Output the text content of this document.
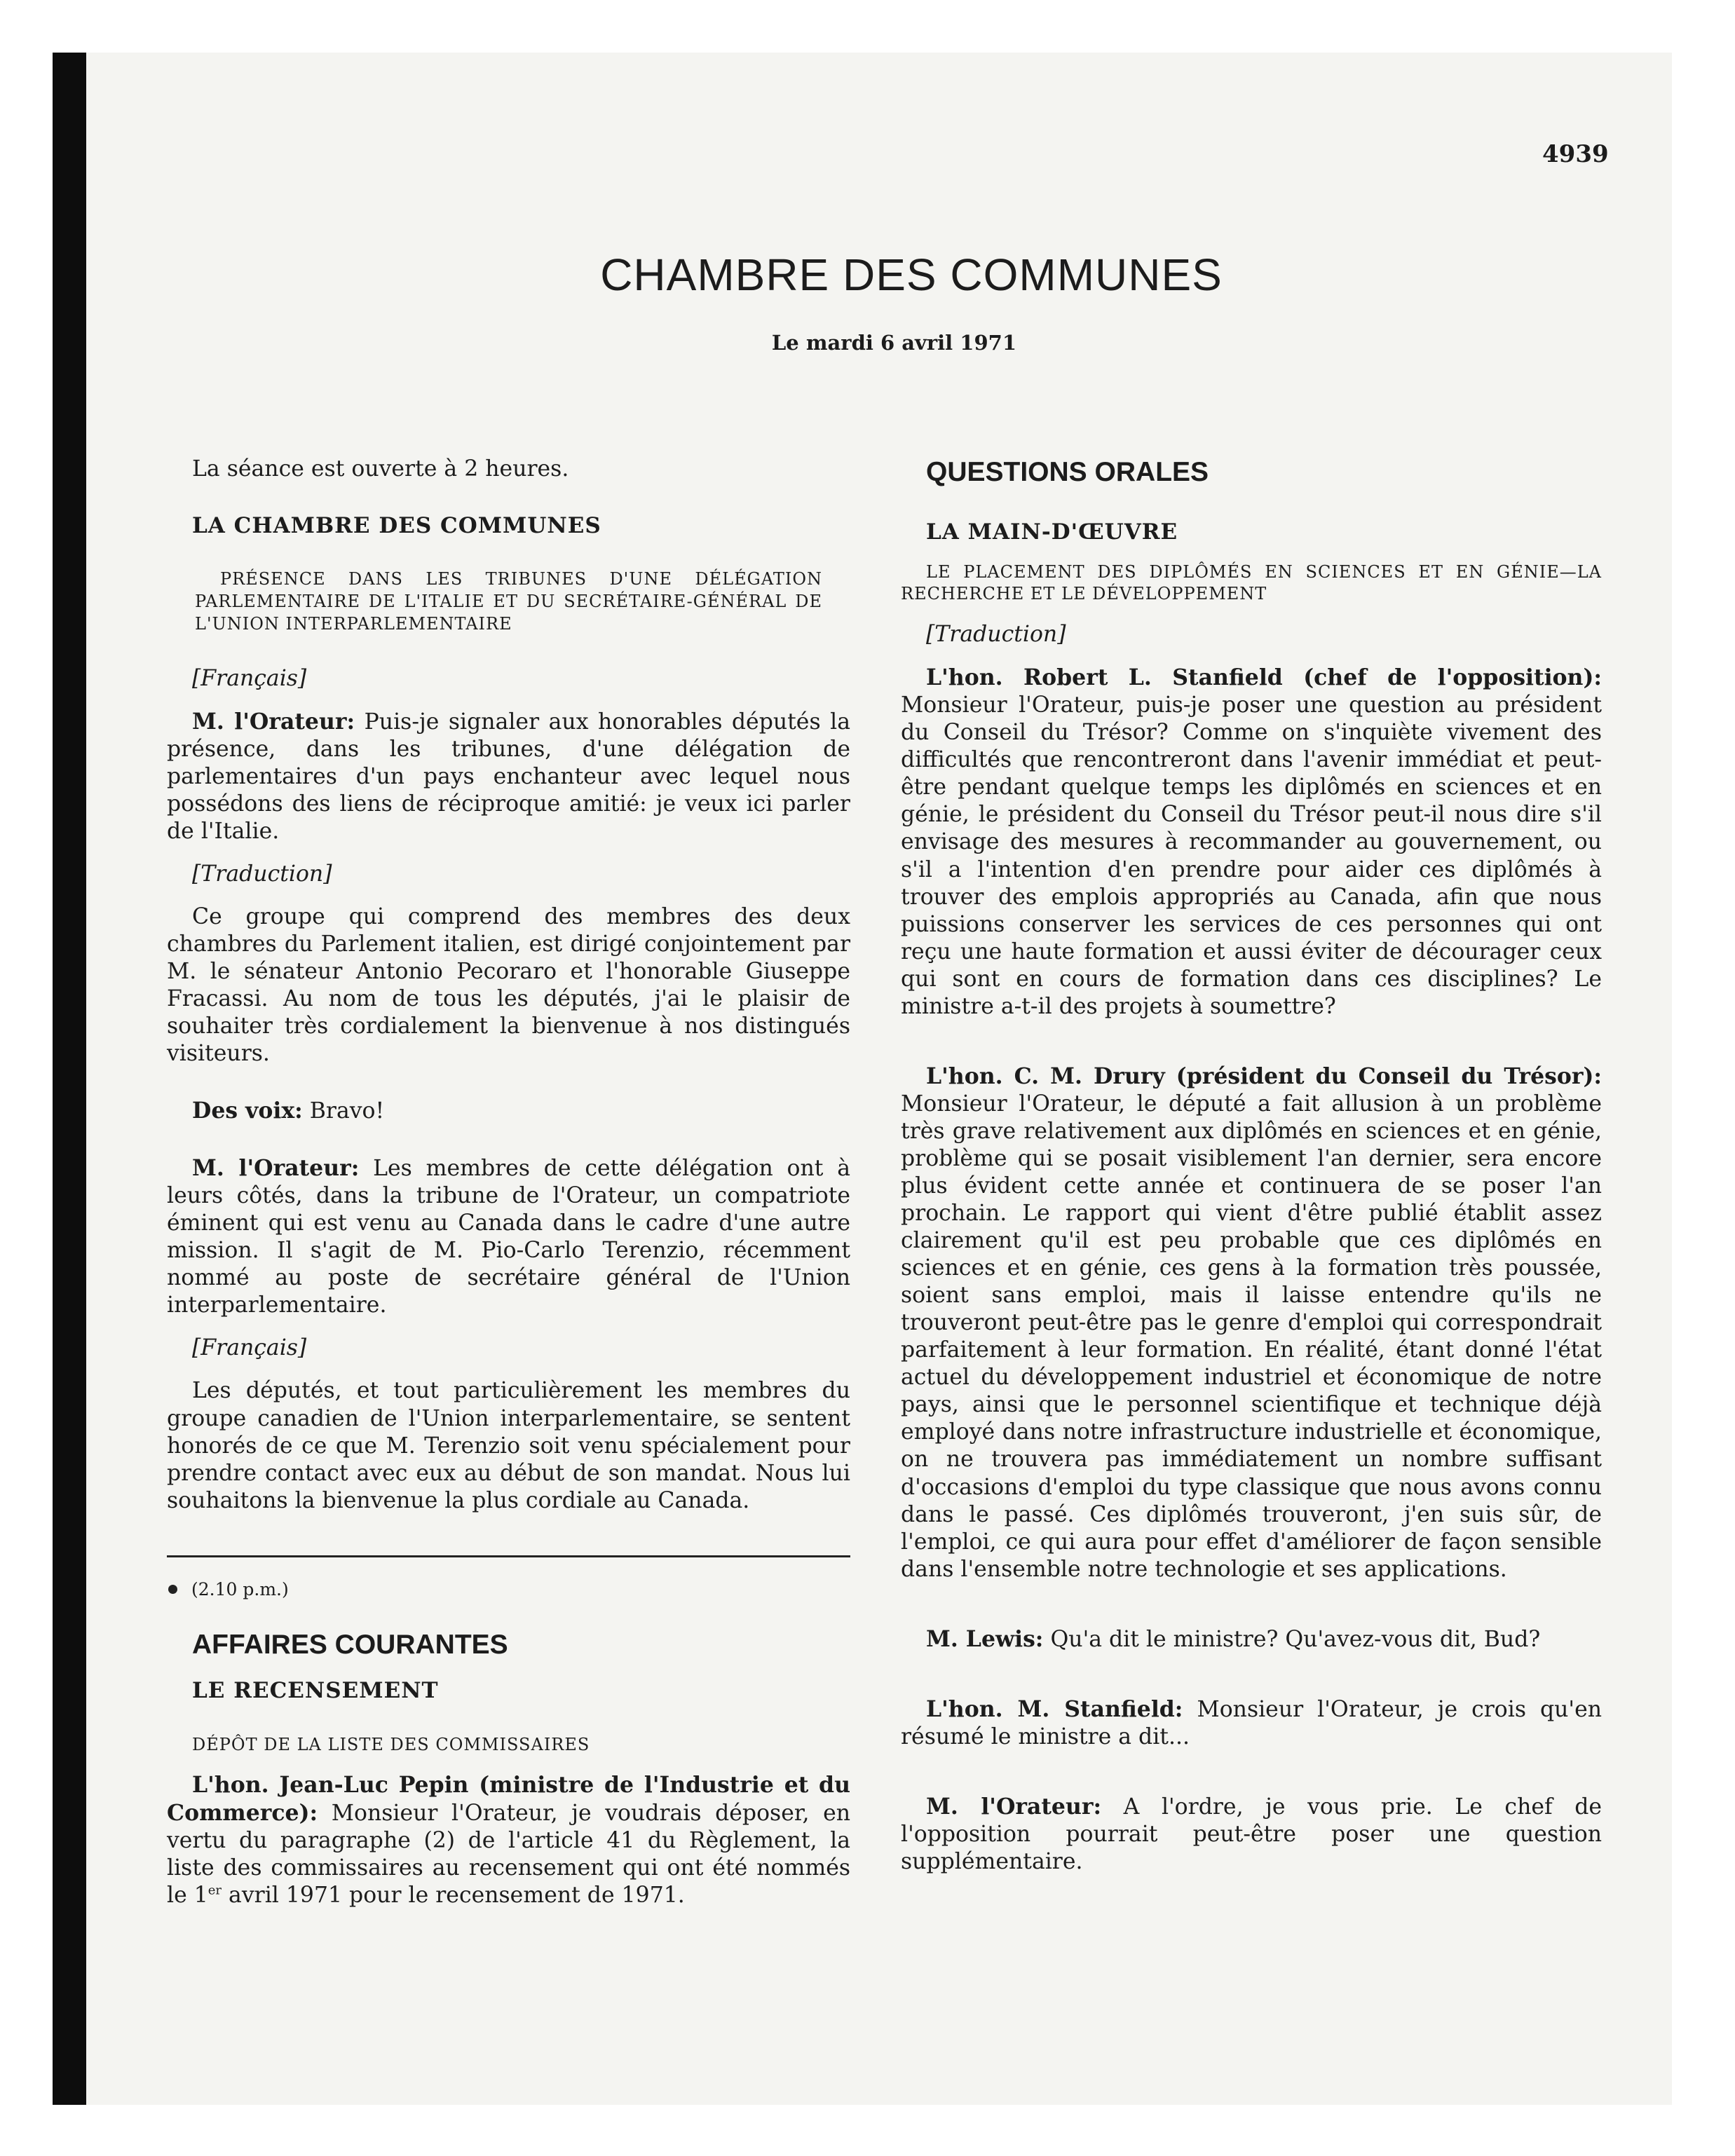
4939
CHAMBRE DES COMMUNES
Le mardi 6 avril 1971

La séance est ouverte à 2 heures.

LA CHAMBRE DES COMMUNES

PRÉSENCE DANS LES TRIBUNES D'UNE DÉLÉGATION PARLEMENTAIRE DE L'ITALIE ET DU SECRÉTAIRE-GÉNÉRAL DE L'UNION INTERPARLEMENTAIRE

[Français]

M. l'Orateur: Puis-je signaler aux honorables députés la présence, dans les tribunes, d'une délégation de parlementaires d'un pays enchanteur avec lequel nous possédons des liens de réciproque amitié: je veux ici parler de l'Italie.

[Traduction]

Ce groupe qui comprend des membres des deux chambres du Parlement italien, est dirigé conjointement par M. le sénateur Antonio Pecoraro et l'honorable Giuseppe Fracassi. Au nom de tous les députés, j'ai le plaisir de souhaiter très cordialement la bienvenue à nos distingués visiteurs.

Des voix: Bravo!

M. l'Orateur: Les membres de cette délégation ont à leurs côtés, dans la tribune de l'Orateur, un compatriote éminent qui est venu au Canada dans le cadre d'une autre mission. Il s'agit de M. Pio-Carlo Terenzio, récemment nommé au poste de secrétaire général de l'Union interparlementaire.

[Français]

Les députés, et tout particulièrement les membres du groupe canadien de l'Union interparlementaire, se sentent honorés de ce que M. Terenzio soit venu spécialement pour prendre contact avec eux au début de son mandat. Nous lui souhaitons la bienvenue la plus cordiale au Canada.

(2.10 p.m.)

AFFAIRES COURANTES

LE RECENSEMENT

DÉPÔT DE LA LISTE DES COMMISSAIRES

L'hon. Jean-Luc Pepin (ministre de l'Industrie et du Commerce): Monsieur l'Orateur, je voudrais déposer, en vertu du paragraphe (2) de l'article 41 du Règlement, la liste des commissaires au recensement qui ont été nommés le 1er avril 1971 pour le recensement de 1971.

QUESTIONS ORALES

LA MAIN-D'ŒUVRE

LE PLACEMENT DES DIPLÔMÉS EN SCIENCES ET EN GÉNIE—LA RECHERCHE ET LE DÉVELOPPEMENT

[Traduction]

L'hon. Robert L. Stanfield (chef de l'opposition): Monsieur l'Orateur, puis-je poser une question au président du Conseil du Trésor? Comme on s'inquiète vivement des difficultés que rencontreront dans l'avenir immédiat et peut-être pendant quelque temps les diplômés en sciences et en génie, le président du Conseil du Trésor peut-il nous dire s'il envisage des mesures à recommander au gouvernement, ou s'il a l'intention d'en prendre pour aider ces diplômés à trouver des emplois appropriés au Canada, afin que nous puissions conserver les services de ces personnes qui ont reçu une haute formation et aussi éviter de décourager ceux qui sont en cours de formation dans ces disciplines? Le ministre a-t-il des projets à soumettre?

L'hon. C. M. Drury (président du Conseil du Trésor): Monsieur l'Orateur, le député a fait allusion à un problème très grave relativement aux diplômés en sciences et en génie, problème qui se posait visiblement l'an dernier, sera encore plus évident cette année et continuera de se poser l'an prochain. Le rapport qui vient d'être publié établit assez clairement qu'il est peu probable que ces diplômés en sciences et en génie, ces gens à la formation très poussée, soient sans emploi, mais il laisse entendre qu'ils ne trouveront peut-être pas le genre d'emploi qui correspondrait parfaitement à leur formation. En réalité, étant donné l'état actuel du développement industriel et économique de notre pays, ainsi que le personnel scientifique et technique déjà employé dans notre infrastructure industrielle et économique, on ne trouvera pas immédiatement un nombre suffisant d'occasions d'emploi du type classique que nous avons connu dans le passé. Ces diplômés trouveront, j'en suis sûr, de l'emploi, ce qui aura pour effet d'améliorer de façon sensible dans l'ensemble notre technologie et ses applications.

M. Lewis: Qu'a dit le ministre? Qu'avez-vous dit, Bud?

L'hon. M. Stanfield: Monsieur l'Orateur, je crois qu'en résumé le ministre a dit...

M. l'Orateur: A l'ordre, je vous prie. Le chef de l'opposition pourrait peut-être poser une question supplémentaire.
